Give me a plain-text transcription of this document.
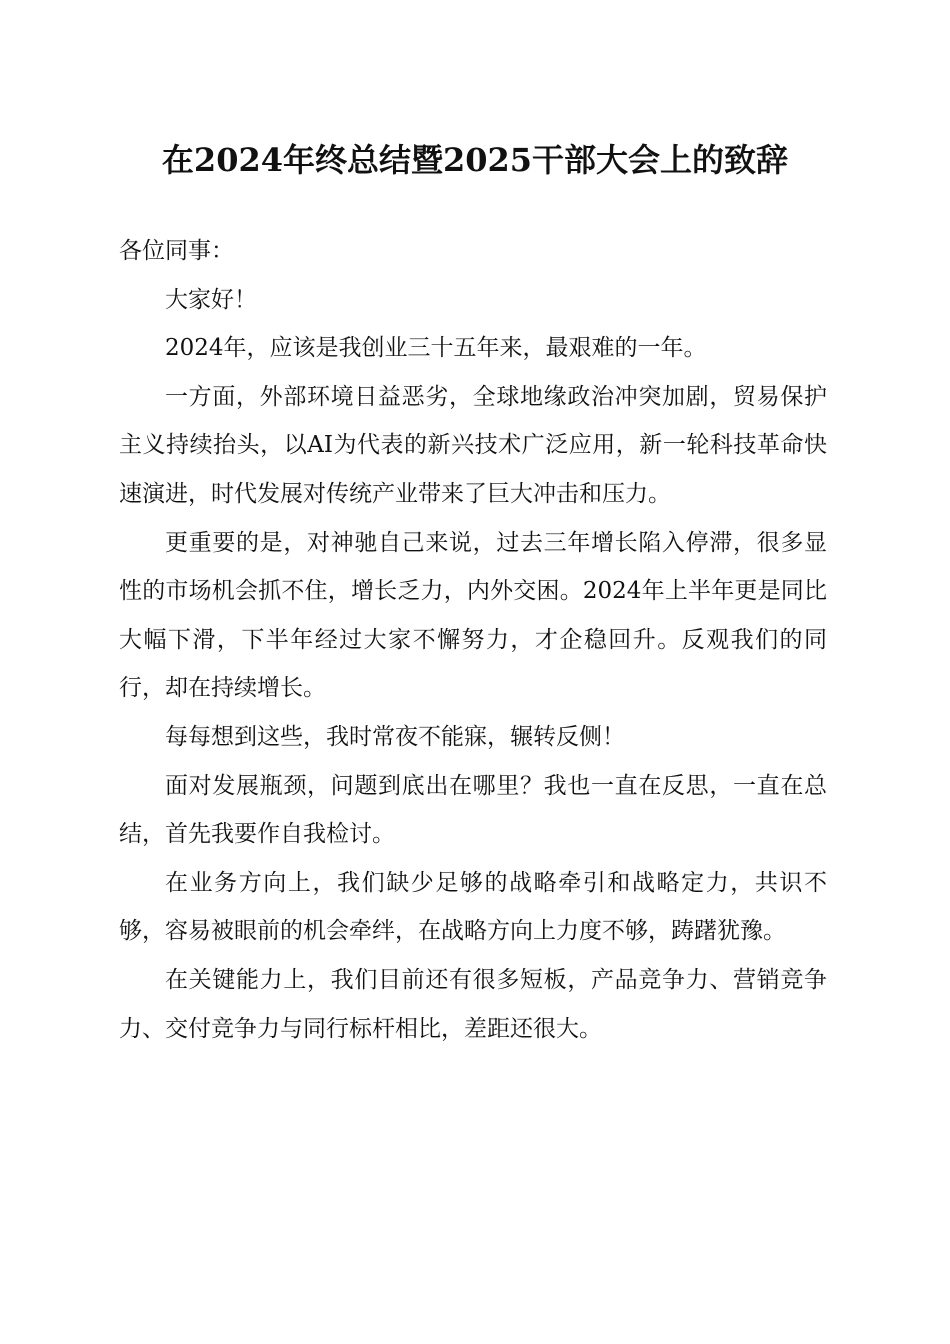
在2024年终总结暨2025干部大会上的致辞

各位同事：

大家好！

2024年，应该是我创业三十五年来，最艰难的一年。

一方面，外部环境日益恶劣，全球地缘政治冲突加剧，贸易保护主义持续抬头，以AI为代表的新兴技术广泛应用，新一轮科技革命快速演进，时代发展对传统产业带来了巨大冲击和压力。

更重要的是，对神驰自己来说，过去三年增长陷入停滞，很多显性的市场机会抓不住，增长乏力，内外交困。2024年上半年更是同比大幅下滑，下半年经过大家不懈努力，才企稳回升。反观我们的同行，却在持续增长。

每每想到这些，我时常夜不能寐，辗转反侧！

面对发展瓶颈，问题到底出在哪里？我也一直在反思，一直在总结，首先我要作自我检讨。

在业务方向上，我们缺少足够的战略牵引和战略定力，共识不够，容易被眼前的机会牵绊，在战略方向上力度不够，踌躇犹豫。

在关键能力上，我们目前还有很多短板，产品竞争力、营销竞争力、交付竞争力与同行标杆相比，差距还很大。
